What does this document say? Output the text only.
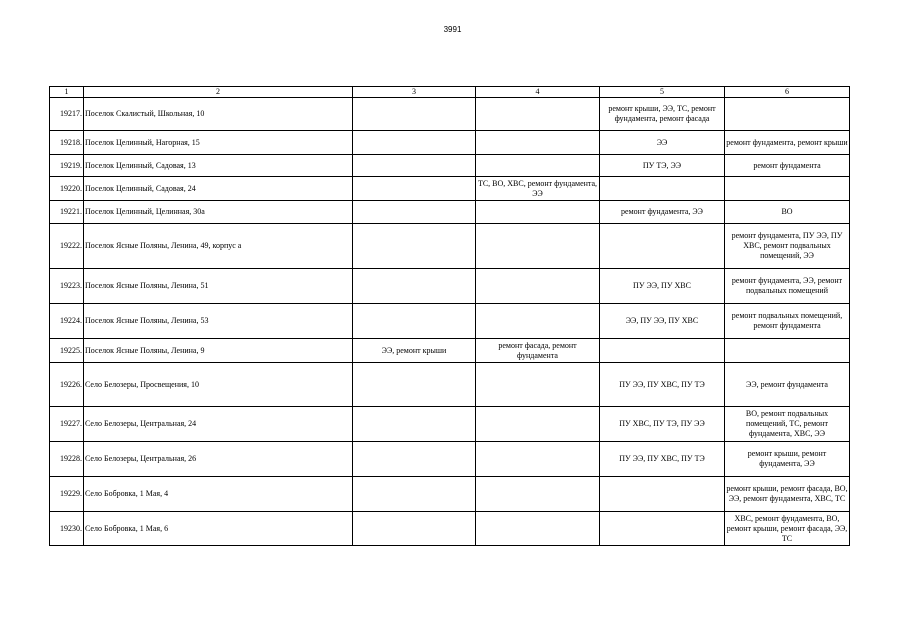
3991
1	2	3	4	5	6
19217.	Поселок Скалистый, Школьная, 10			ремонт крыши, ЭЭ, ТС, ремонт фундамента, ремонт фасада	
19218.	Поселок Целинный, Нагорная, 15			ЭЭ	ремонт фундамента, ремонт крыши
19219.	Поселок Целинный, Садовая, 13			ПУ ТЭ, ЭЭ	ремонт фундамента
19220.	Поселок Целинный, Садовая, 24		ТС, ВО, ХВС, ремонт фундамента, ЭЭ		
19221.	Поселок Целинный, Целинная, 30а			ремонт фундамента, ЭЭ	ВО
19222.	Поселок Ясные Поляны, Ленина, 49, корпус а				ремонт фундамента, ПУ ЭЭ, ПУ ХВС, ремонт подвальных помещений, ЭЭ
19223.	Поселок Ясные Поляны, Ленина, 51			ПУ ЭЭ, ПУ ХВС	ремонт фундамента, ЭЭ, ремонт подвальных помещений
19224.	Поселок Ясные Поляны, Ленина, 53			ЭЭ, ПУ ЭЭ, ПУ ХВС	ремонт подвальных помещений, ремонт фундамента
19225.	Поселок Ясные Поляны, Ленина, 9	ЭЭ, ремонт крыши	ремонт фасада, ремонт фундамента		
19226.	Село Белозеры, Просвещения, 10			ПУ ЭЭ, ПУ ХВС, ПУ ТЭ	ЭЭ, ремонт фундамента
19227.	Село Белозеры, Центральная, 24			ПУ ХВС, ПУ ТЭ, ПУ ЭЭ	ВО, ремонт подвальных помещений, ТС, ремонт фундамента, ХВС, ЭЭ
19228.	Село Белозеры, Центральная, 26			ПУ ЭЭ, ПУ ХВС, ПУ ТЭ	ремонт крыши, ремонт фундамента, ЭЭ
19229.	Село Бобровка, 1 Мая, 4				ремонт крыши, ремонт фасада, ВО, ЭЭ, ремонт фундамента, ХВС, ТС
19230.	Село Бобровка, 1 Мая, 6				ХВС, ремонт фундамента, ВО, ремонт крыши, ремонт фасада, ЭЭ, ТС
